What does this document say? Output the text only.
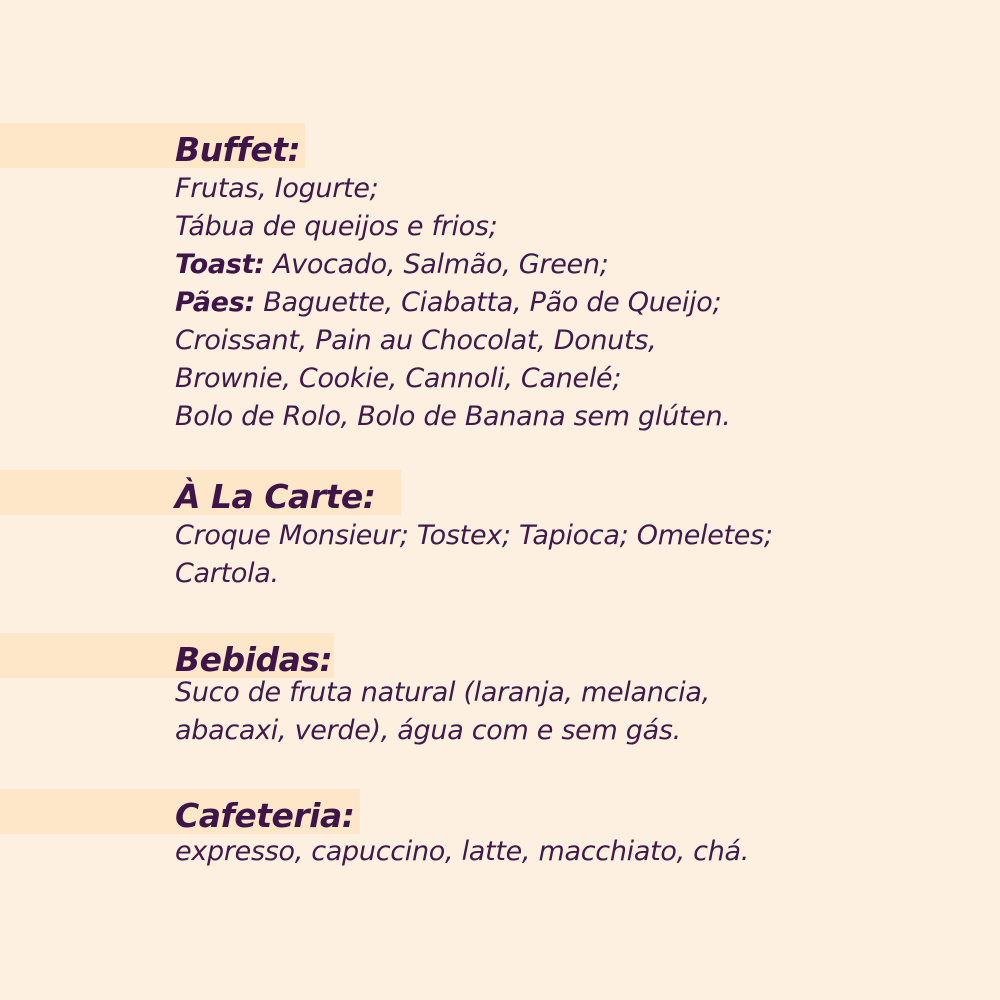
Buffet:

Frutas, Iogurte;

Tábua de queijos e frios;

Toast: Avocado, Salmão, Green;

Pães: Baguette, Ciabatta, Pão de Queijo;

Croissant, Pain au Chocolat, Donuts,

Brownie, Cookie, Cannoli, Canelé;

Bolo de Rolo, Bolo de Banana sem glúten.

À La Carte:

Croque Monsieur; Tostex; Tapioca; Omeletes;

Cartola.

Bebidas:

Suco de fruta natural (laranja, melancia,

abacaxi, verde), água com e sem gás.

Cafeteria:

expresso, capuccino, latte, macchiato, chá.
